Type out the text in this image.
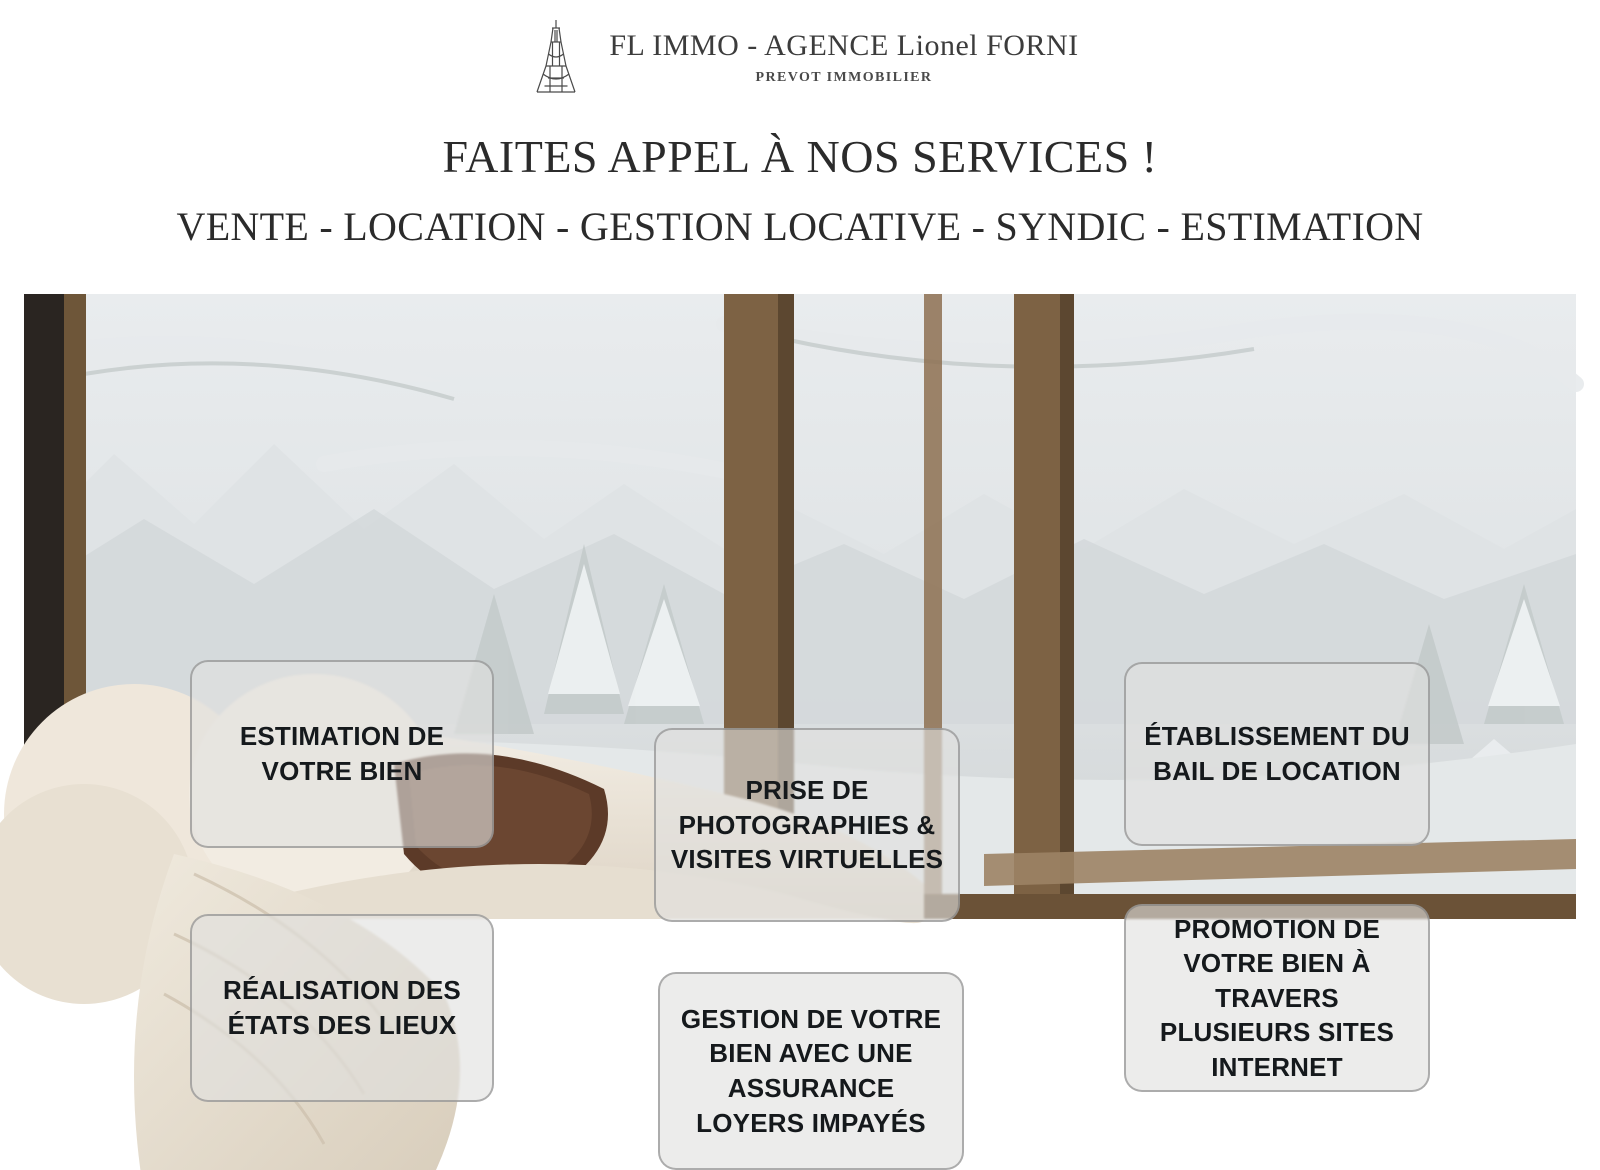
FL IMMO - AGENCE Lionel FORNI
PREVOT IMMOBILIER
FAITES APPEL À NOS SERVICES !
VENTE - LOCATION - GESTION LOCATIVE - SYNDIC - ESTIMATION
ESTIMATION DE VOTRE BIEN
RÉALISATION DES ÉTATS DES LIEUX
PRISE DE PHOTOGRAPHIES & VISITES VIRTUELLES
GESTION DE VOTRE BIEN AVEC UNE ASSURANCE LOYERS IMPAYÉS
ÉTABLISSEMENT DU BAIL DE LOCATION
PROMOTION DE VOTRE BIEN À TRAVERS PLUSIEURS SITES INTERNET
